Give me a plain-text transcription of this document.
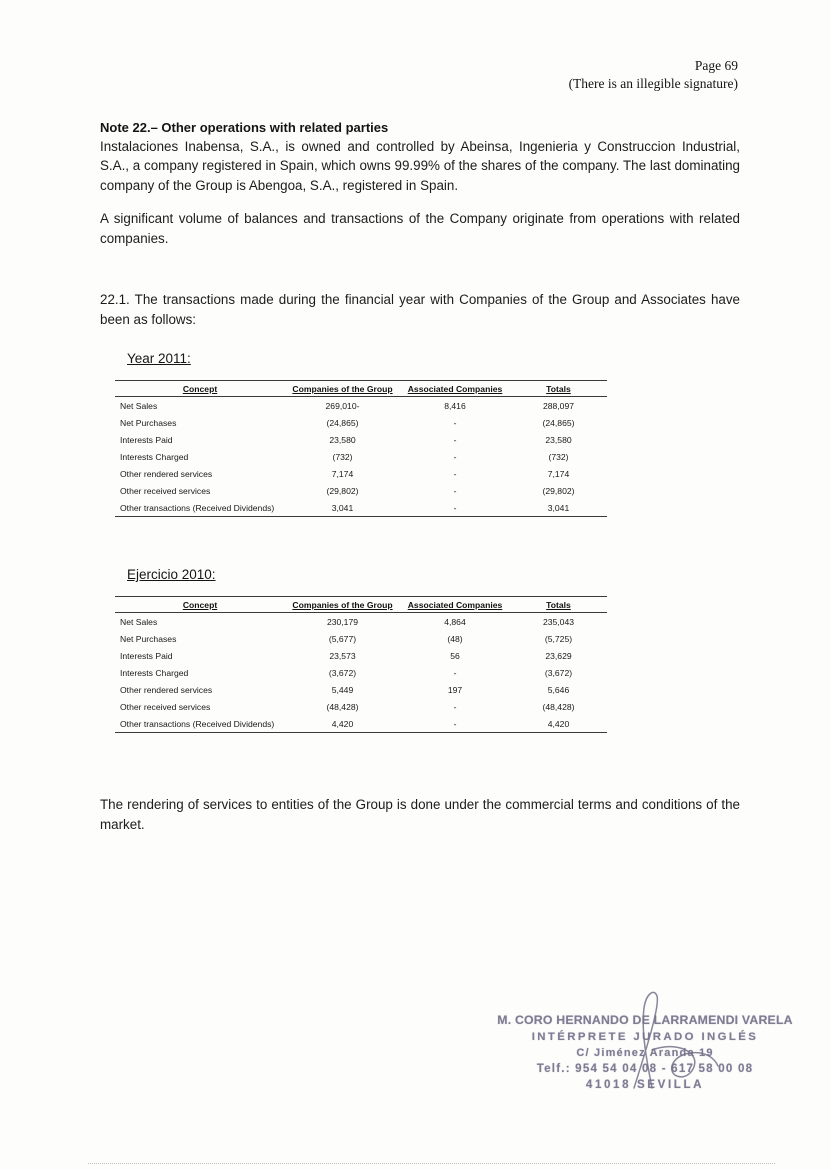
Page 69
(There is an illegible signature)
Note 22.– Other operations with related parties

Instalaciones Inabensa, S.A., is owned and controlled by Abeinsa, Ingenieria y Construccion Industrial, S.A., a company registered in Spain, which owns 99.99% of the shares of the company. The last dominating company of the Group is Abengoa, S.A., registered in Spain.

A significant volume of balances and transactions of the Company originate from operations with related companies.

22.1. The transactions made during the financial year with Companies of the Group and Associates have been as follows:

Year 2011:
Concept	Companies of the Group	Associated Companies	Totals
Net Sales	269,010-	8,416	288,097
Net Purchases	(24,865)	-	(24,865)
Interests Paid	23,580	-	23,580
Interests Charged	(732)	-	(732)
Other rendered services	7,174	-	7,174
Other received services	(29,802)	-	(29,802)
Other transactions (Received Dividends)	3,041	-	3,041
Ejercicio 2010:
Concept	Companies of the Group	Associated Companies	Totals
Net Sales	230,179	4,864	235,043
Net Purchases	(5,677)	(48)	(5,725)
Interests Paid	23,573	56	23,629
Interests Charged	(3,672)	-	(3,672)
Other rendered services	5,449	197	5,646
Other received services	(48,428)	-	(48,428)
Other transactions (Received Dividends)	4,420	-	4,420

The rendering of services to entities of the Group is done under the commercial terms and conditions of the market.

M. CORO HERNANDO DE LARRAMENDI VARELA
INTÉRPRETE JURADO INGLÉS
C/ Jiménez Aranda 19
Telf.: 954 54 04 08 - 617 58 00 08
41018 SEVILLA
